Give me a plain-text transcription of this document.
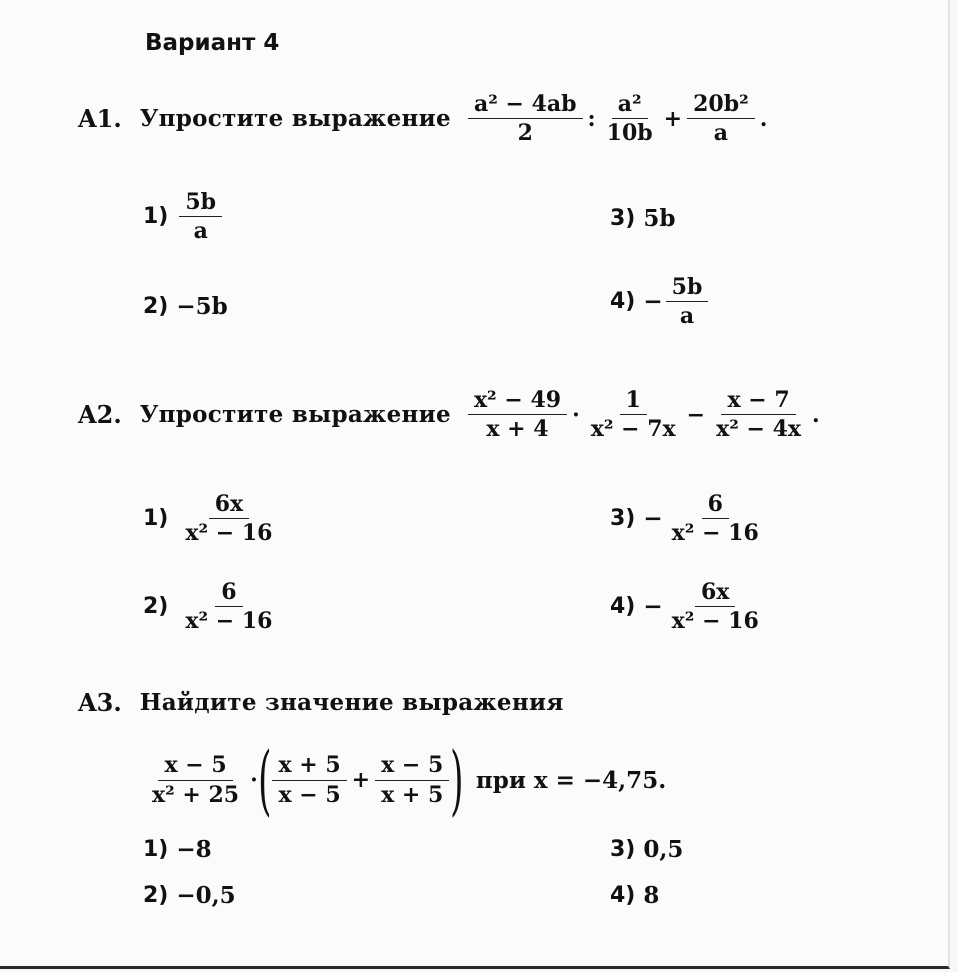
Вариант 4
A1. Упростите выражение $\frac{\text{a² − 4ab}}{2}$ : $\frac{\text{a²}}{10b} + \frac{\text{20b²}}{a}$ .
$1) \frac{5b}{a}$	3) 5b
2) −5b	$4) - \frac{5b}{a}$
A2. Упростите выражение $\frac{\text{x² − 49}}{x + 4} \cdot \frac{1}{\text{x² − 7x}} - \frac{x - 7}{\text{x² − 4x}}$ .
$1) \frac{6x}{\text{x² − 16}}$
$2) \frac{6}{\text{x² − 16}}$
$3) - \frac{6}{\text{x² − 16}}$
$4) - \frac{6x}{\text{x² − 16}}$
A3. Найдите значение выражения
$\frac{x - 5}{\text{x² + 25}}$ · ( $\frac{x + 5}{x - 5} + \frac{x - 5}{x + 5}$ ) при x = −4,75.
1) −8
2) −0,5
3) 0,5
4) 8
